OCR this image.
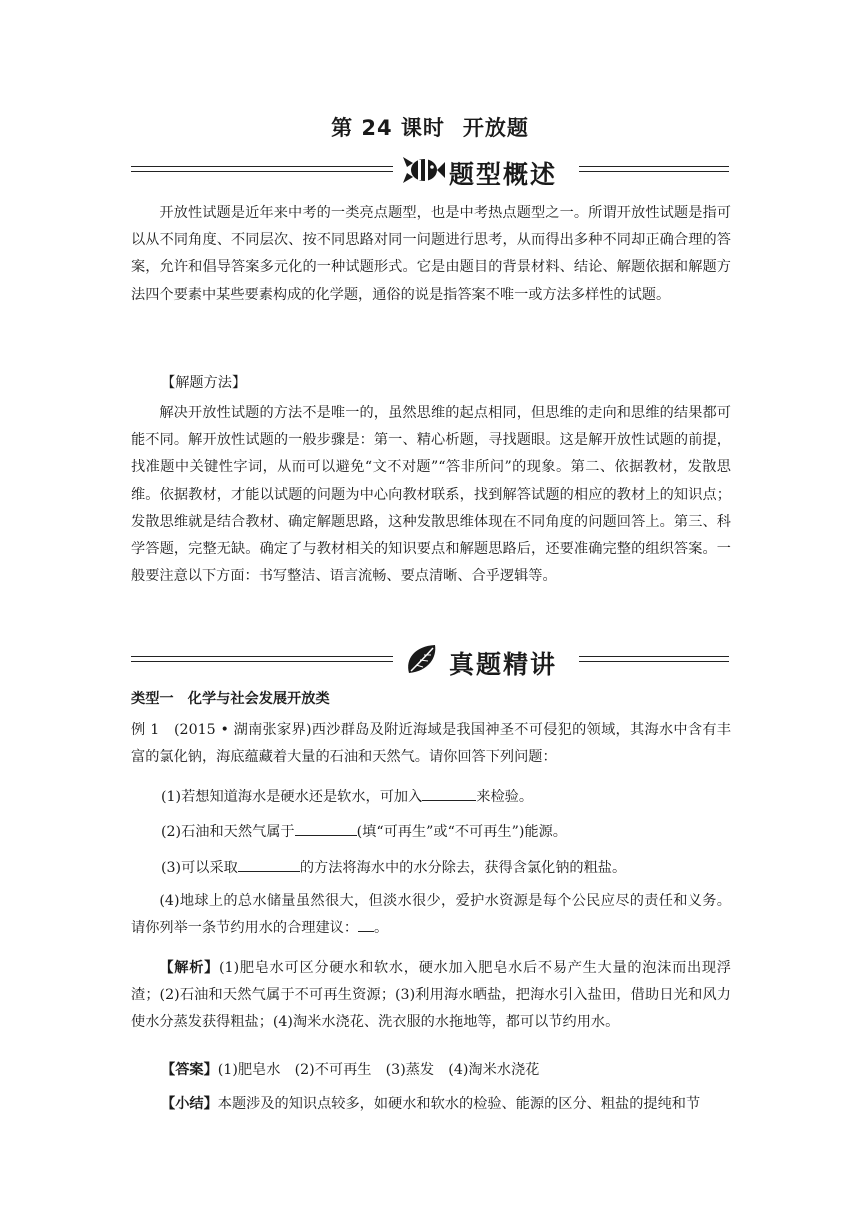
第 24 课时 开放题
题型概述
开放性试题是近年来中考的一类亮点题型，也是中考热点题型之一。所谓开放性试题是指可以从不同角度、不同层次、按不同思路对同一问题进行思考，从而得出多种不同却正确合理的答案，允许和倡导答案多元化的一种试题形式。它是由题目的背景材料、结论、解题依据和解题方法四个要素中某些要素构成的化学题，通俗的说是指答案不唯一或方法多样性的试题。
【解题方法】
解决开放性试题的方法不是唯一的，虽然思维的起点相同，但思维的走向和思维的结果都可能不同。解开放性试题的一般步骤是：第一、精心析题，寻找题眼。这是解开放性试题的前提，找准题中关键性字词，从而可以避免“文不对题”“答非所问”的现象。第二、依据教材，发散思维。依据教材，才能以试题的问题为中心向教材联系，找到解答试题的相应的教材上的知识点；发散思维就是结合教材、确定解题思路，这种发散思维体现在不同角度的问题回答上。第三、科学答题，完整无缺。确定了与教材相关的知识要点和解题思路后，还要准确完整的组织答案。一般要注意以下方面：书写整洁、语言流畅、要点清晰、合乎逻辑等。
真题精讲
类型一　化学与社会发展开放类
例 1　(2015 • 湖南张家界)西沙群岛及附近海域是我国神圣不可侵犯的领域，其海水中含有丰富的氯化钠，海底蕴藏着大量的石油和天然气。请你回答下列问题：
(1)若想知道海水是硬水还是软水，可加入	来检验。
(2)石油和天然气属于	(填“可再生”或“不可再生”)能源。
(3)可以采取	的方法将海水中的水分除去，获得含氯化钠的粗盐。
(4)地球上的总水储量虽然很大，但淡水很少，爱护水资源是每个公民应尽的责任和义务。请你列举一条节约用水的合理建议： 。
【解析】(1)肥皂水可区分硬水和软水，硬水加入肥皂水后不易产生大量的泡沫而出现浮渣；(2)石油和天然气属于不可再生资源；(3)利用海水晒盐，把海水引入盐田，借助日光和风力使水分蒸发获得粗盐；(4)淘米水浇花、洗衣服的水拖地等，都可以节约用水。
【答案】(1)肥皂水　(2)不可再生　(3)蒸发　(4)淘米水浇花
【小结】本题涉及的知识点较多，如硬水和软水的检验、能源的区分、粗盐的提纯和节
